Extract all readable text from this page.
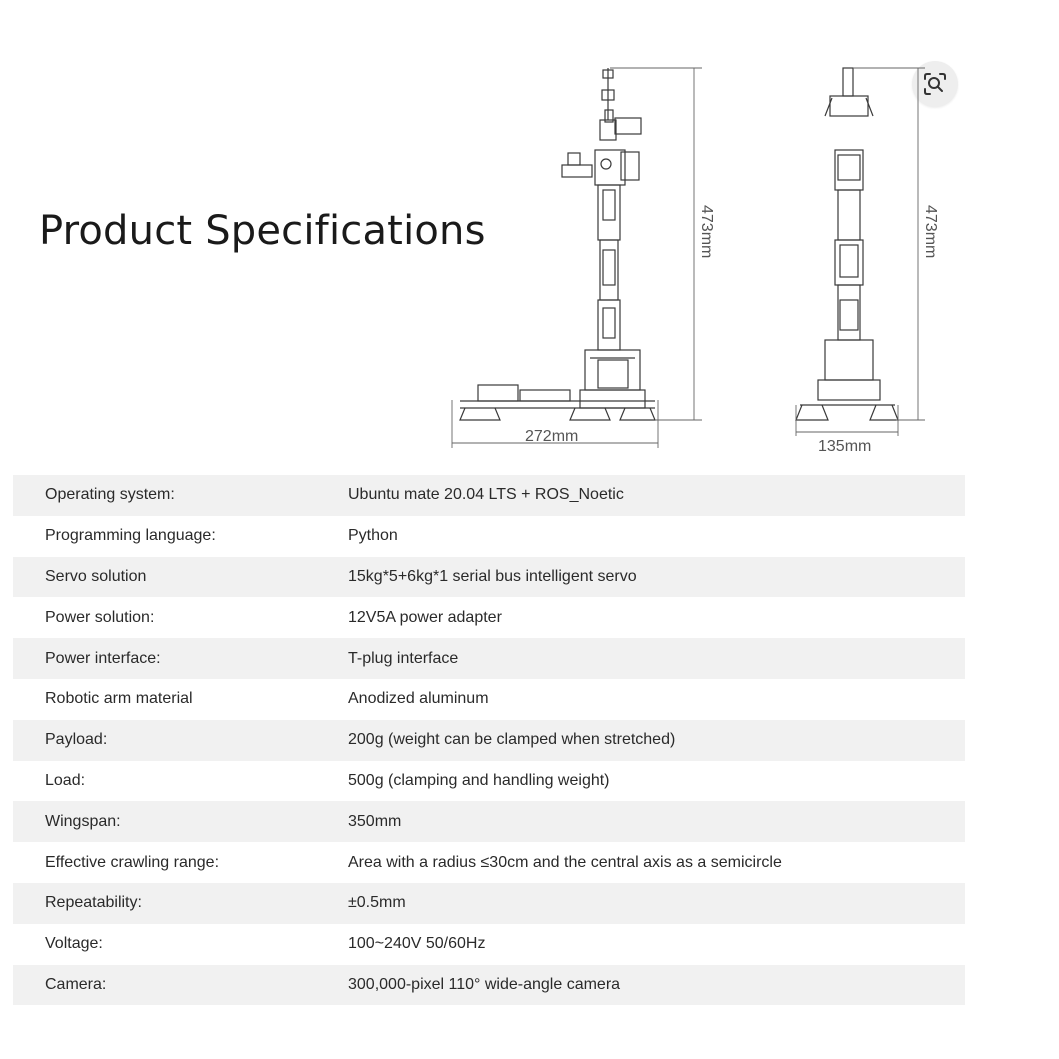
Product Specifications	473mm
272mm
473mm
135mm
Operating system:	Ubuntu mate 20.04 LTS + ROS_Noetic
Programming language:	Python
Servo solution	15kg*5+6kg*1 serial bus intelligent servo
Power solution:	12V5A power adapter
Power interface:	T-plug interface
Robotic arm material	Anodized aluminum
Payload:	200g (weight can be clamped when stretched)
Load:	500g (clamping and handling weight)
Wingspan:	350mm
Effective crawling range:	Area with a radius ≤30cm and the central axis as a semicircle
Repeatability:	±0.5mm
Voltage:	100~240V 50/60Hz
Camera:	300,000-pixel 110° wide-angle camera
